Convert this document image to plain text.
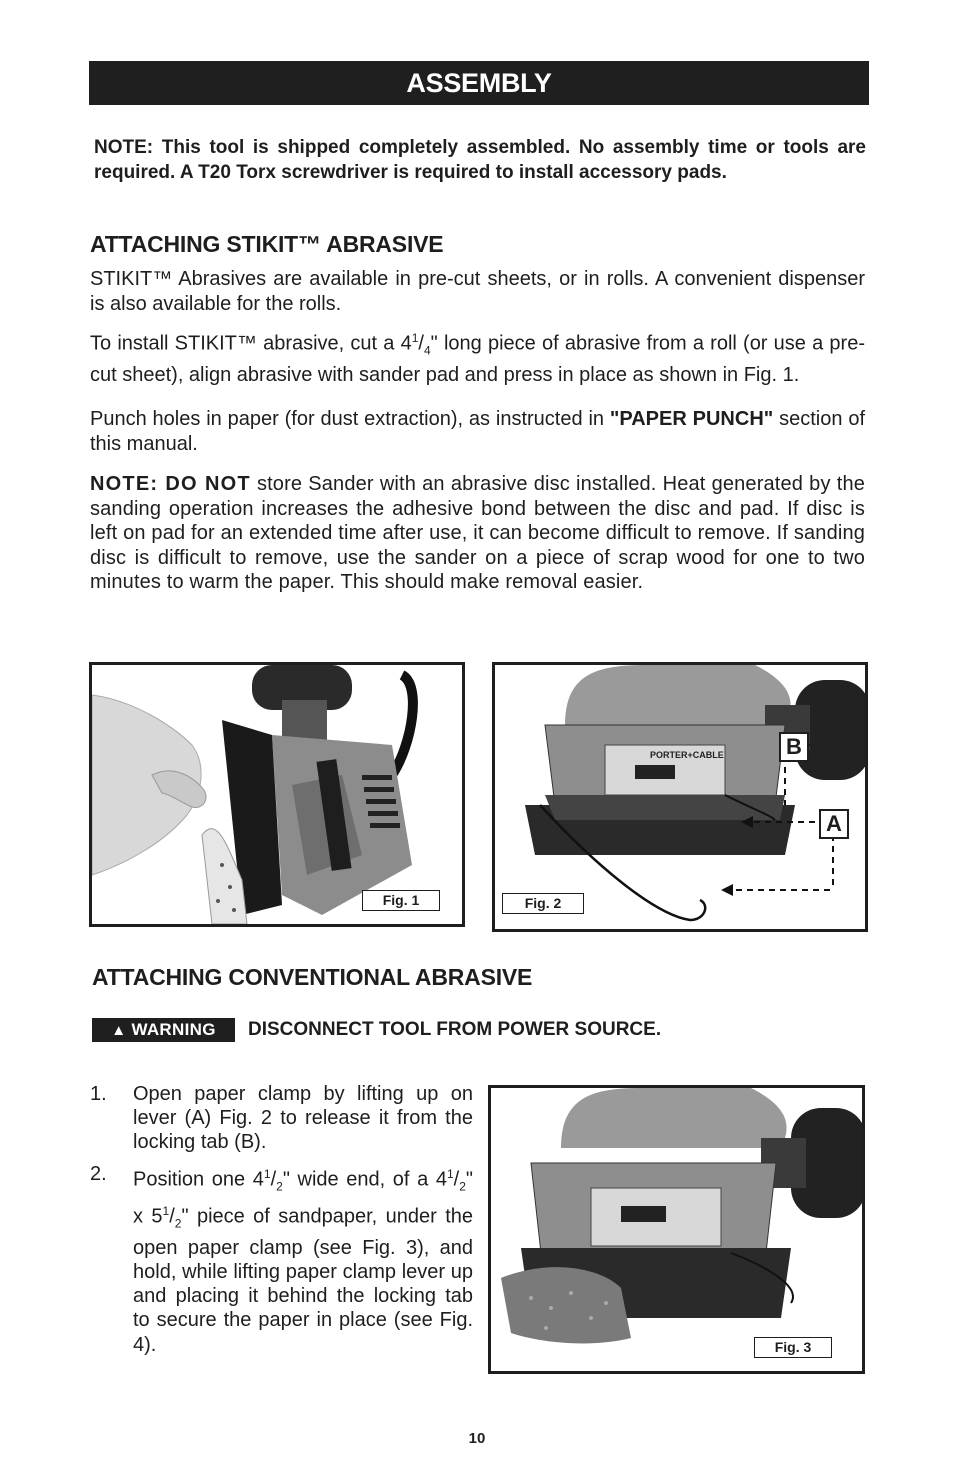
ASSEMBLY
NOTE: This tool is shipped completely assembled. No assembly time or tools are required. A T20 Torx screwdriver is required to install accessory pads.
ATTACHING STIKIT™ ABRASIVE

STIKIT™ Abrasives are available in pre-cut sheets, or in rolls. A convenient dispenser is also available for the rolls.

To install STIKIT™ abrasive, cut a $4^1/_4$" long piece of abrasive from a roll (or use a pre-cut sheet), align abrasive with sander pad and press in place as shown in Fig. 1.

Punch holes in paper (for dust extraction), as instructed in "PAPER PUNCH" section of this manual.

NOTE: DO NOT store Sander with an abrasive disc installed. Heat generated by the sanding operation increases the adhesive bond between the disc and pad. If disc is left on pad for an extended time after use, it can become difficult to remove. If sanding disc is difficult to remove, use the sander on a piece of scrap wood for one to two minutes to warm the paper. This should make removal easier.

Fig. 1
PORTER+CABLE	B
A
Fig. 2
ATTACHING CONVENTIONAL ABRASIVE
▲ WARNING	DISCONNECT TOOL FROM POWER SOURCE.
1.	Open paper clamp by lifting up on lever (A) Fig. 2 to release it from the locking tab (B).
2.	Position one $4^1/_2$" wide end, of a $4^1/_2$" x $5^1/_2$" piece of sandpaper, under the open paper clamp (see Fig. 3), and hold, while lifting paper clamp lever up and placing it behind the locking tab to secure the paper in place (see Fig. 4).	Fig. 3
10
